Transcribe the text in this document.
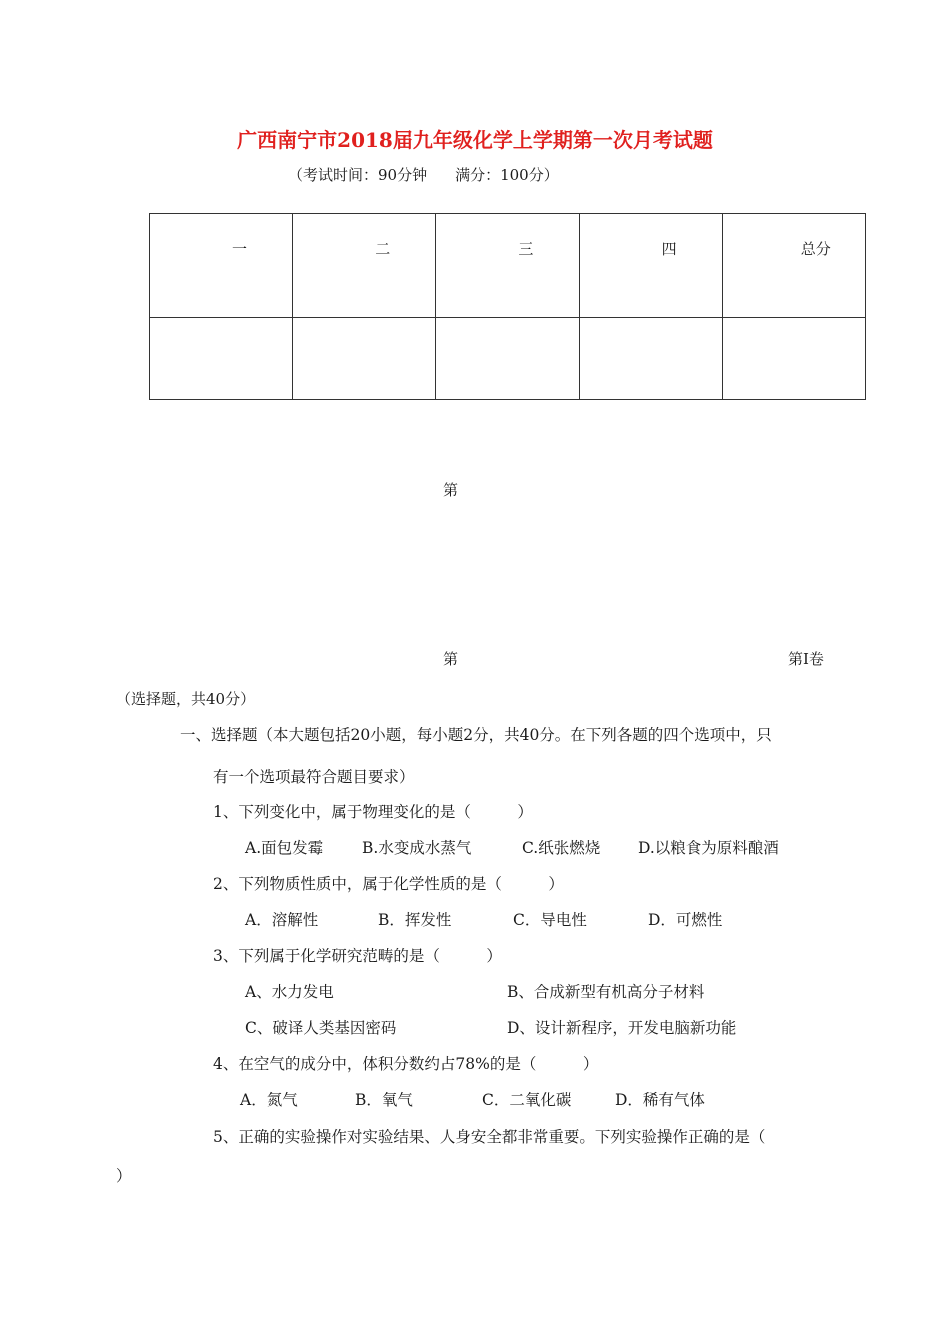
广西南宁市2018届九年级化学上学期第一次月考试题
（考试时间：90分钟 满分：100分）
一	二	三	四	总分

第
第	第Ⅰ卷
（选择题，共40分）
一、选择题（本大题包括20小题，每小题2分，共40分。在下列各题的四个选项中，只
有一个选项最符合题目要求）
1、下列变化中，属于物理变化的是（　　　）
A.面包发霉	B.水变成水蒸气	C.纸张燃烧 D.以粮食为原料酿酒
2、下列物质性质中，属于化学性质的是（　　　）
A．溶解性	B．挥发性	C．导电性	D．可燃性
3、下列属于化学研究范畴的是（　　　）
A、水力发电	B、合成新型有机高分子材料
C、破译人类基因密码	D、设计新程序，开发电脑新功能
4、在空气的成分中，体积分数约占78%的是（　　　）
A．氮气	B．氧气	C．二氧化碳	D．稀有气体
5、正确的实验操作对实验结果、人身安全都非常重要。下列实验操作正确的是（
）
